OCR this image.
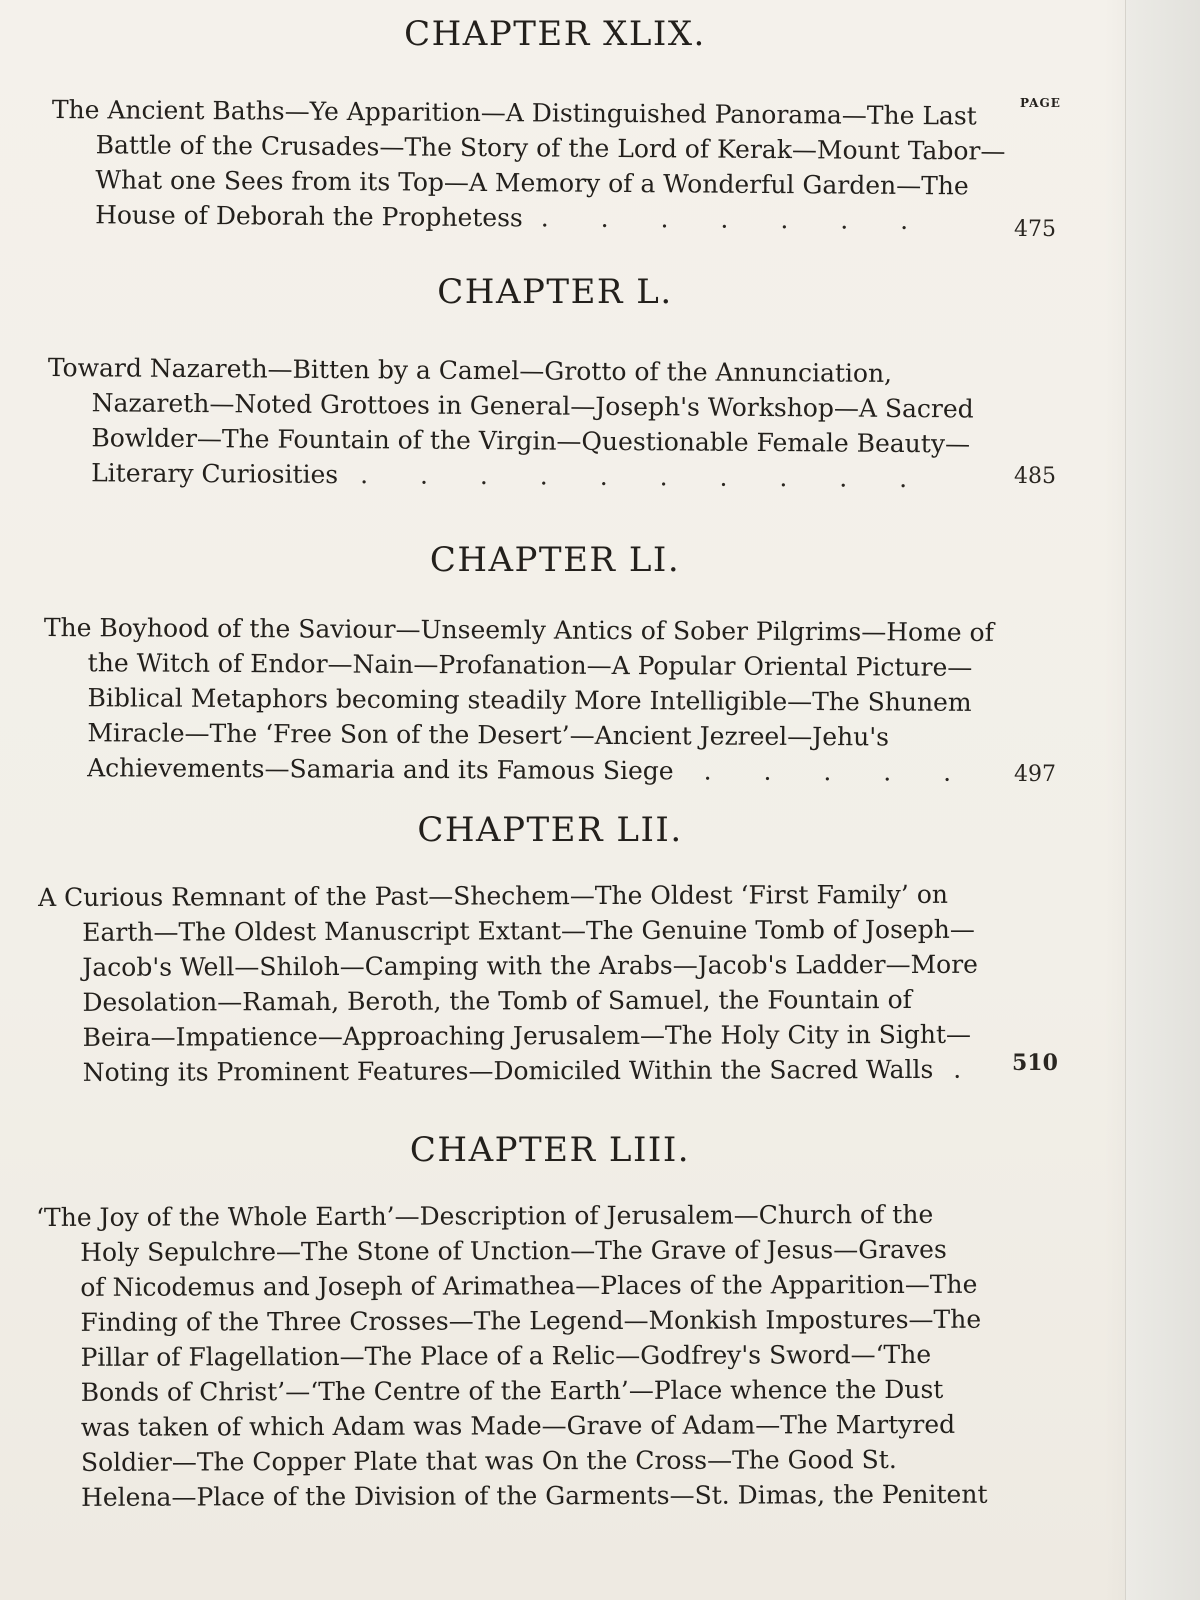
PAGE
CHAPTER XLIX.
The Ancient Baths—Ye Apparition—A Distinguished Panorama—The Last
Battle of the Crusades—The Story of the Lord of Kerak—Mount Tabor—
What one Sees from its Top—A Memory of a Wonderful Garden—The
House of Deborah the Prophetess . . . . . . .	475
CHAPTER L.
Toward Nazareth—Bitten by a Camel—Grotto of the Annunciation,
Nazareth—Noted Grottoes in General—Joseph's Workshop—A Sacred
Bowlder—The Fountain of the Virgin—Questionable Female Beauty—
Literary Curiosities . . . . . . . . . .	485
CHAPTER LI.
The Boyhood of the Saviour—Unseemly Antics of Sober Pilgrims—Home of
the Witch of Endor—Nain—Profanation—A Popular Oriental Picture—
Biblical Metaphors becoming steadily More Intelligible—The Shunem
Miracle—The ‘Free Son of the Desert’—Ancient Jezreel—Jehu's
Achievements—Samaria and its Famous Siege . . . . .	497
CHAPTER LII.
A Curious Remnant of the Past—Shechem—The Oldest ‘First Family’ on
Earth—The Oldest Manuscript Extant—The Genuine Tomb of Joseph—
Jacob's Well—Shiloh—Camping with the Arabs—Jacob's Ladder—More
Desolation—Ramah, Beroth, the Tomb of Samuel, the Fountain of
Beira—Impatience—Approaching Jerusalem—The Holy City in Sight—
Noting its Prominent Features—Domiciled Within the Sacred Walls .	510
CHAPTER LIII.
‘The Joy of the Whole Earth’—Description of Jerusalem—Church of the
Holy Sepulchre—The Stone of Unction—The Grave of Jesus—Graves
of Nicodemus and Joseph of Arimathea—Places of the Apparition—The
Finding of the Three Crosses—The Legend—Monkish Impostures—The
Pillar of Flagellation—The Place of a Relic—Godfrey's Sword—‘The
Bonds of Christ’—‘The Centre of the Earth’—Place whence the Dust
was taken of which Adam was Made—Grave of Adam—The Martyred
Soldier—The Copper Plate that was On the Cross—The Good St.
Helena—Place of the Division of the Garments—St. Dimas, the Penitent
